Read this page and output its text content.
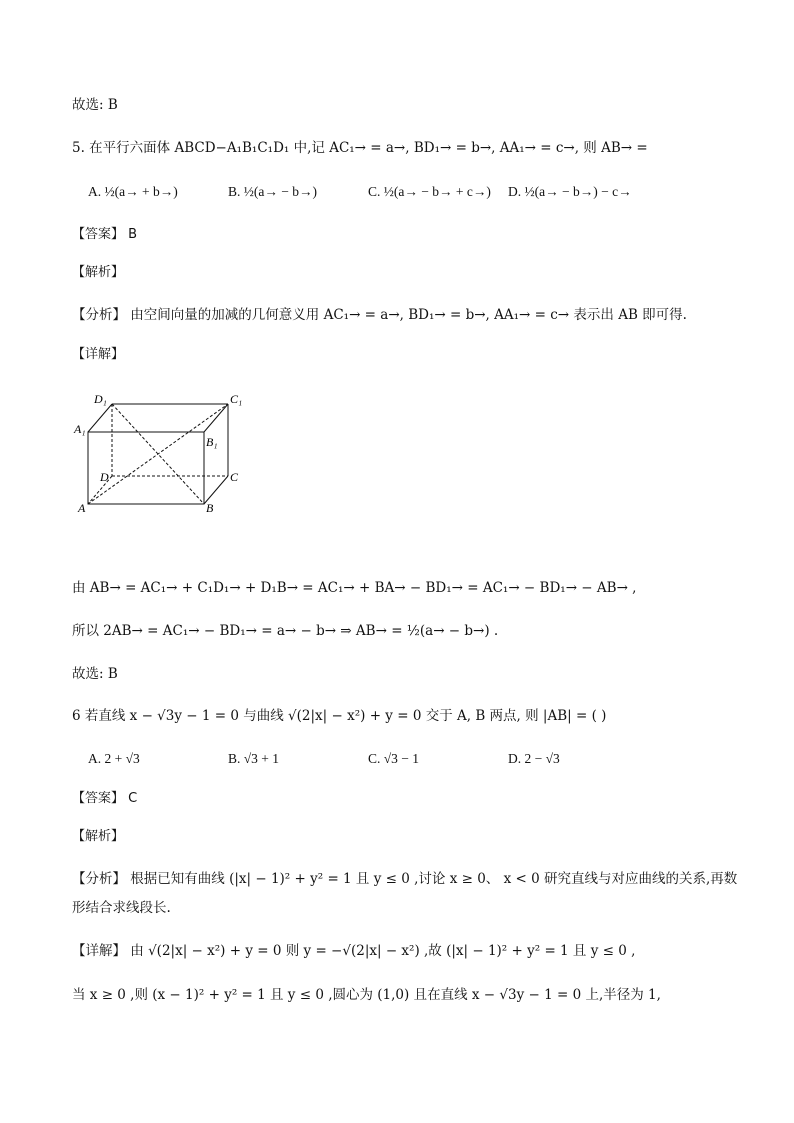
故选: B
5. 在平行六面体 ABCD−A₁B₁C₁D₁ 中,记 AC₁→ = a→, BD₁→ = b→, AA₁→ = c→, 则 AB→ =
A. ½(a→ + b→)	B. ½(a→ − b→)	C. ½(a→ − b→ + c→) D. ½(a→ − b→) − c→
【答案】 B
【解析】
【分析】 由空间向量的加减的几何意义用 AC₁→ = a→, BD₁→ = b→, AA₁→ = c→ 表示出 AB 即可得.
【详解】
D₁	C₁
A₁
B₁
D	C
A	B
由 AB→ = AC₁→ + C₁D₁→ + D₁B→ = AC₁→ + BA→ − BD₁→ = AC₁→ − BD₁→ − AB→ ,
所以 2AB→ = AC₁→ − BD₁→ = a→ − b→ ⇒ AB→ = ½(a→ − b→) .
故选: B
6 若直线 x − √3y − 1 = 0 与曲线 √(2|x| − x²) + y = 0 交于 A, B 两点, 则 |AB| = ( )
A. 2 + √3	B. √3 + 1	C. √3 − 1	D. 2 − √3
【答案】 C
【解析】
【分析】 根据已知有曲线 (|x| − 1)² + y² = 1 且 y ≤ 0 ,讨论 x ≥ 0、 x < 0 研究直线与对应曲线的关系,再数
形结合求线段长.
【详解】 由 √(2|x| − x²) + y = 0 则 y = −√(2|x| − x²) ,故 (|x| − 1)² + y² = 1 且 y ≤ 0 ,
当 x ≥ 0 ,则 (x − 1)² + y² = 1 且 y ≤ 0 ,圆心为 (1,0) 且在直线 x − √3y − 1 = 0 上,半径为 1,
